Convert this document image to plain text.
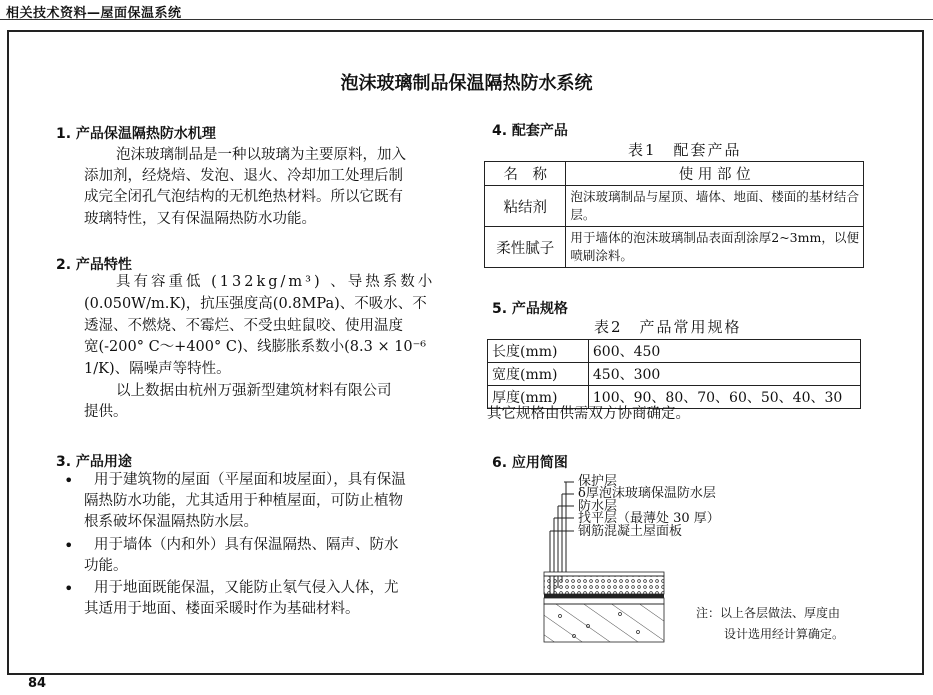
相关技术资料—屋面保温系统
泡沫玻璃制品保温隔热防水系统
1. 产品保温隔热防水机理
泡沫玻璃制品是一种以玻璃为主要原料，加入
添加剂，经烧焙、发泡、退火、冷却加工处理后制
成完全闭孔气泡结构的无机绝热材料。所以它既有
玻璃特性，又有保温隔热防水功能。
2. 产品特性
具有容重低 (132kg/m³) 、导热系数小
(0.050W/m.K)，抗压强度高(0.8MPa)、不吸水、不
透湿、不燃烧、不霉烂、不受虫蛀鼠咬、使用温度
宽(-200° C～+400° C)、线膨胀系数小(8.3 × 10⁻⁶
1/K)、隔噪声等特性。
以上数据由杭州万强新型建筑材料有限公司
提供。
3. 产品用途
•	用于建筑物的屋面（平屋面和坡屋面），具有保温
隔热防水功能，尤其适用于种植屋面，可防止植物
根系破坏保温隔热防水层。
•	用于墙体（内和外）具有保温隔热、隔声、防水
功能。
•	用于地面既能保温，又能防止氡气侵入人体，尤
其适用于地面、楼面采暖时作为基础材料。
4. 配套产品
表1　配套产品
名　称	使 用 部 位
粘结剂	泡沫玻璃制品与屋顶、墙体、地面、楼面的基材结合层。
柔性腻子	用于墙体的泡沫玻璃制品表面刮涂厚2~3mm，以便喷刷涂料。
5. 产品规格
表2　产品常用规格
长度(mm)	600、450
宽度(mm)	450、300
厚度(mm)	100、90、80、70、60、50、40、30
其它规格由供需双方协商确定。
6. 应用简图
保护层
δ厚泡沫玻璃保温防水层
防水层
找平层（最薄处 30 厚）
钢筋混凝土屋面板
注：以上各层做法、厚度由
设计选用经计算确定。
84
